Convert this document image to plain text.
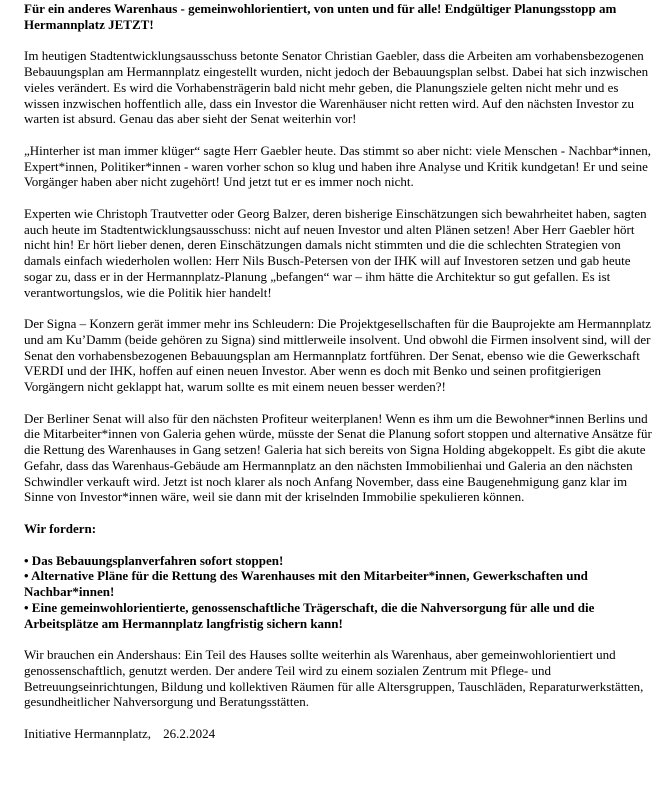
Für ein anderes Warenhaus - gemeinwohlorientiert, von unten und für alle! Endgültiger Planungsstopp am Hermannplatz JETZT!

Im heutigen Stadtentwicklungsausschuss betonte Senator Christian Gaebler, dass die Arbeiten am vorhabensbezogenen Bebauungsplan am Hermannplatz eingestellt wurden, nicht jedoch der Bebauungsplan selbst. Dabei hat sich inzwischen vieles verändert. Es wird die Vorhabensträgerin bald nicht mehr geben, die Planungsziele gelten nicht mehr und es wissen inzwischen hoffentlich alle, dass ein Investor die Warenhäuser nicht retten wird. Auf den nächsten Investor zu warten ist absurd. Genau das aber sieht der Senat weiterhin vor!

„Hinterher ist man immer klüger“ sagte Herr Gaebler heute. Das stimmt so aber nicht: viele Menschen - Nachbar*innen, Expert*innen, Politiker*innen - waren vorher schon so klug und haben ihre Analyse und Kritik kundgetan! Er und seine Vorgänger haben aber nicht zugehört! Und jetzt tut er es immer noch nicht.

Experten wie Christoph Trautvetter oder Georg Balzer, deren bisherige Einschätzungen sich bewahrheitet haben, sagten auch heute im Stadtentwicklungsausschuss: nicht auf neuen Investor und alten Plänen setzen! Aber Herr Gaebler hört nicht hin! Er hört lieber denen, deren Einschätzungen damals nicht stimmten und die die schlechten Strategien von damals einfach wiederholen wollen: Herr Nils Busch-Petersen von der IHK will auf Investoren setzen und gab heute sogar zu, dass er in der Hermannplatz-Planung „befangen“ war – ihm hätte die Architektur so gut gefallen. Es ist verantwortungslos, wie die Politik hier handelt!

Der Signa – Konzern gerät immer mehr ins Schleudern: Die Projektgesellschaften für die Bauprojekte am Hermannplatz und am Ku’Damm (beide gehören zu Signa) sind mittlerweile insolvent. Und obwohl die Firmen insolvent sind, will der Senat den vorhabensbezogenen Bebauungsplan am Hermannplatz fortführen. Der Senat, ebenso wie die Gewerkschaft VERDI und der IHK, hoffen auf einen neuen Investor. Aber wenn es doch mit Benko und seinen profitgierigen Vorgängern nicht geklappt hat, warum sollte es mit einem neuen besser werden?!

Der Berliner Senat will also für den nächsten Profiteur weiterplanen! Wenn es ihm um die Bewohner*innen Berlins und die Mitarbeiter*innen von Galeria gehen würde, müsste der Senat die Planung sofort stoppen und alternative Ansätze für die Rettung des Warenhauses in Gang setzen! Galeria hat sich bereits von Signa Holding abgekoppelt. Es gibt die akute Gefahr, dass das Warenhaus-Gebäude am Hermannplatz an den nächsten Immobilienhai und Galeria an den nächsten Schwindler verkauft wird. Jetzt ist noch klarer als noch Anfang November, dass eine Baugenehmigung ganz klar im Sinne von Investor*innen wäre, weil sie dann mit der kriselnden Immobilie spekulieren können.

Wir fordern:

• Das Bebauungsplanverfahren sofort stoppen!
• Alternative Pläne für die Rettung des Warenhauses mit den Mitarbeiter*innen, Gewerkschaften und Nachbar*innen!
• Eine gemeinwohlorientierte, genossenschaftliche Trägerschaft, die die Nahversorgung für alle und die Arbeitsplätze am Hermannplatz langfristig sichern kann!

Wir brauchen ein Andershaus: Ein Teil des Hauses sollte weiterhin als Warenhaus, aber gemeinwohlorientiert und genossenschaftlich, genutzt werden. Der andere Teil wird zu einem sozialen Zentrum mit Pflege- und Betreuungseinrichtungen, Bildung und kollektiven Räumen für alle Altersgruppen, Tauschläden, Reparaturwerkstätten, gesundheitlicher Nahversorgung und Beratungsstätten.

Initiative Hermannplatz, 26.2.2024
